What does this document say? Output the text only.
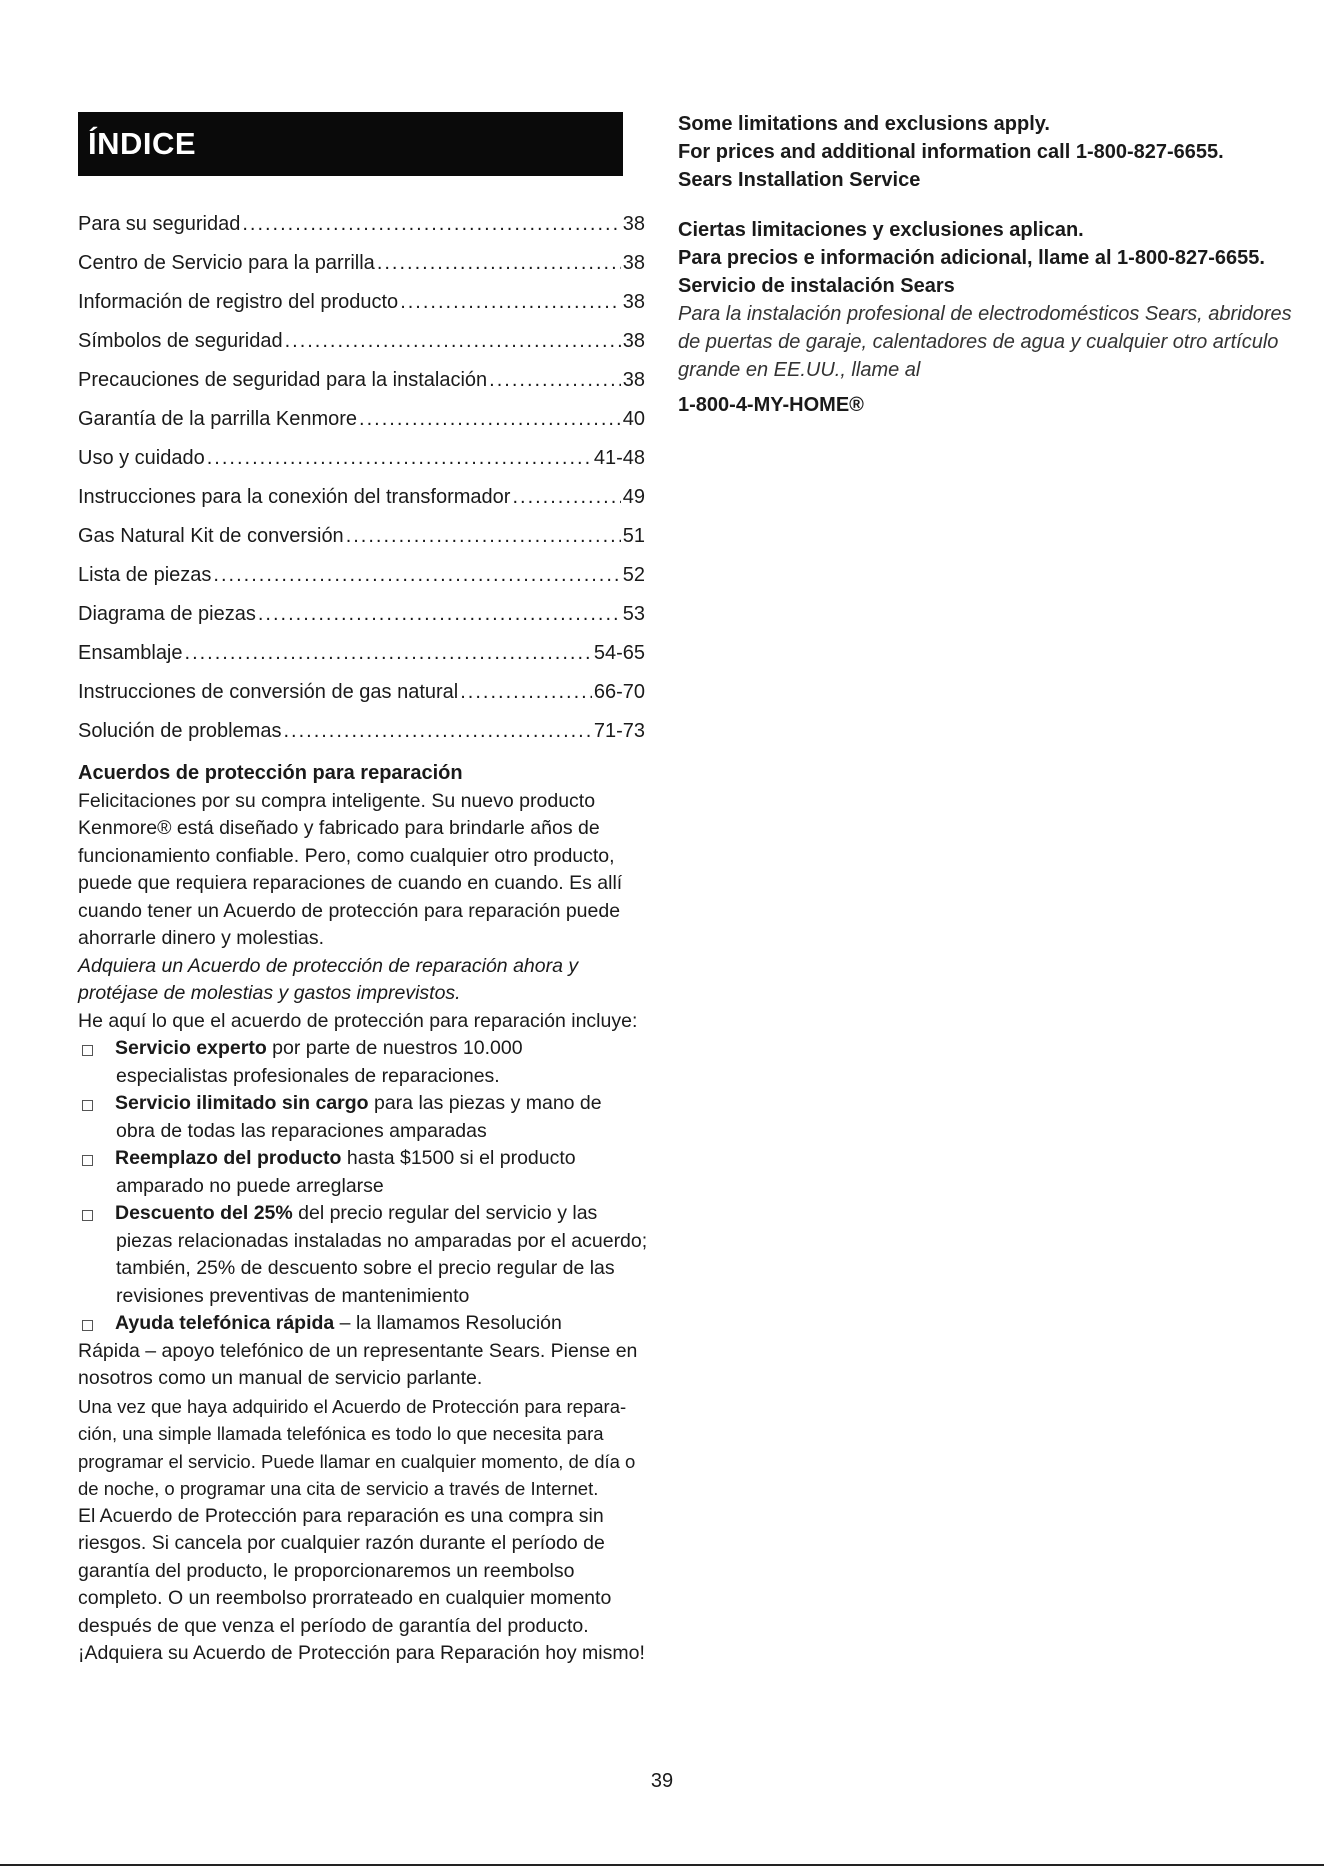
ÍNDICE
Para su seguridad .....	38
Centro de Servicio para la parrilla .....	38
Información de registro del producto .....	38
Símbolos de seguridad .....	38
Precauciones de seguridad para la instalación .....	38
Garantía de la parrilla Kenmore .....	40
Uso y cuidado .....	41-48
Instrucciones para la conexión del transformador .....	49
Gas Natural Kit de conversión .....	51
Lista de piezas .....	52
Diagrama de piezas .....	53
Ensamblaje .....	54-65
Instrucciones de conversión de gas natural .....	66-70
Solución de problemas .....	71-73

Acuerdos de protección para reparación

Felicitaciones por su compra inteligente. Su nuevo producto Kenmore® está diseñado y fabricado para brindarle años de funcionamiento confiable. Pero, como cualquier otro producto, puede que requiera reparaciones de cuando en cuando. Es allí cuando tener un Acuerdo de protección para reparación puede ahorrarle dinero y molestias.

Adquiera un Acuerdo de protección de reparación ahora y protéjase de molestias y gastos imprevistos.

He aquí lo que el acuerdo de protección para reparación incluye:

Servicio experto por parte de nuestros 10.000

especialistas profesionales de reparaciones.

Servicio ilimitado sin cargo para las piezas y mano de

obra de todas las reparaciones amparadas

Reemplazo del producto hasta $1500 si el producto

amparado no puede arreglarse

Descuento del 25% del precio regular del servicio y las

piezas relacionadas instaladas no amparadas por el acuerdo; también, 25% de descuento sobre el precio regular de las revisiones preventivas de mantenimiento

Ayuda telefónica rápida – la llamamos Resolución

Rápida – apoyo telefónico de un representante Sears. Piense en nosotros como un manual de servicio parlante.

Una vez que haya adquirido el Acuerdo de Protección para repara- ción, una simple llamada telefónica es todo lo que necesita para programar el servicio. Puede llamar en cualquier momento, de día o de noche, o programar una cita de servicio a través de Internet.

El Acuerdo de Protección para reparación es una compra sin riesgos. Si cancela por cualquier razón durante el período de garantía del producto, le proporcionaremos un reembolso completo. O un reembolso prorrateado en cualquier momento después de que venza el período de garantía del producto.

¡Adquiera su Acuerdo de Protección para Reparación hoy mismo!

Some limitations and exclusions apply.
For prices and additional information call 1-800-827-6655.
Sears Installation Service
Ciertas limitaciones y exclusiones aplican.
Para precios e información adicional, llame al 1-800-827-6655.
Servicio de instalación Sears
Para la instalación profesional de electrodomésticos Sears, abridores de puertas de garaje, calentadores de agua y cualquier otro artículo grande en EE.UU., llame al
1-800-4-MY-HOME®
39
